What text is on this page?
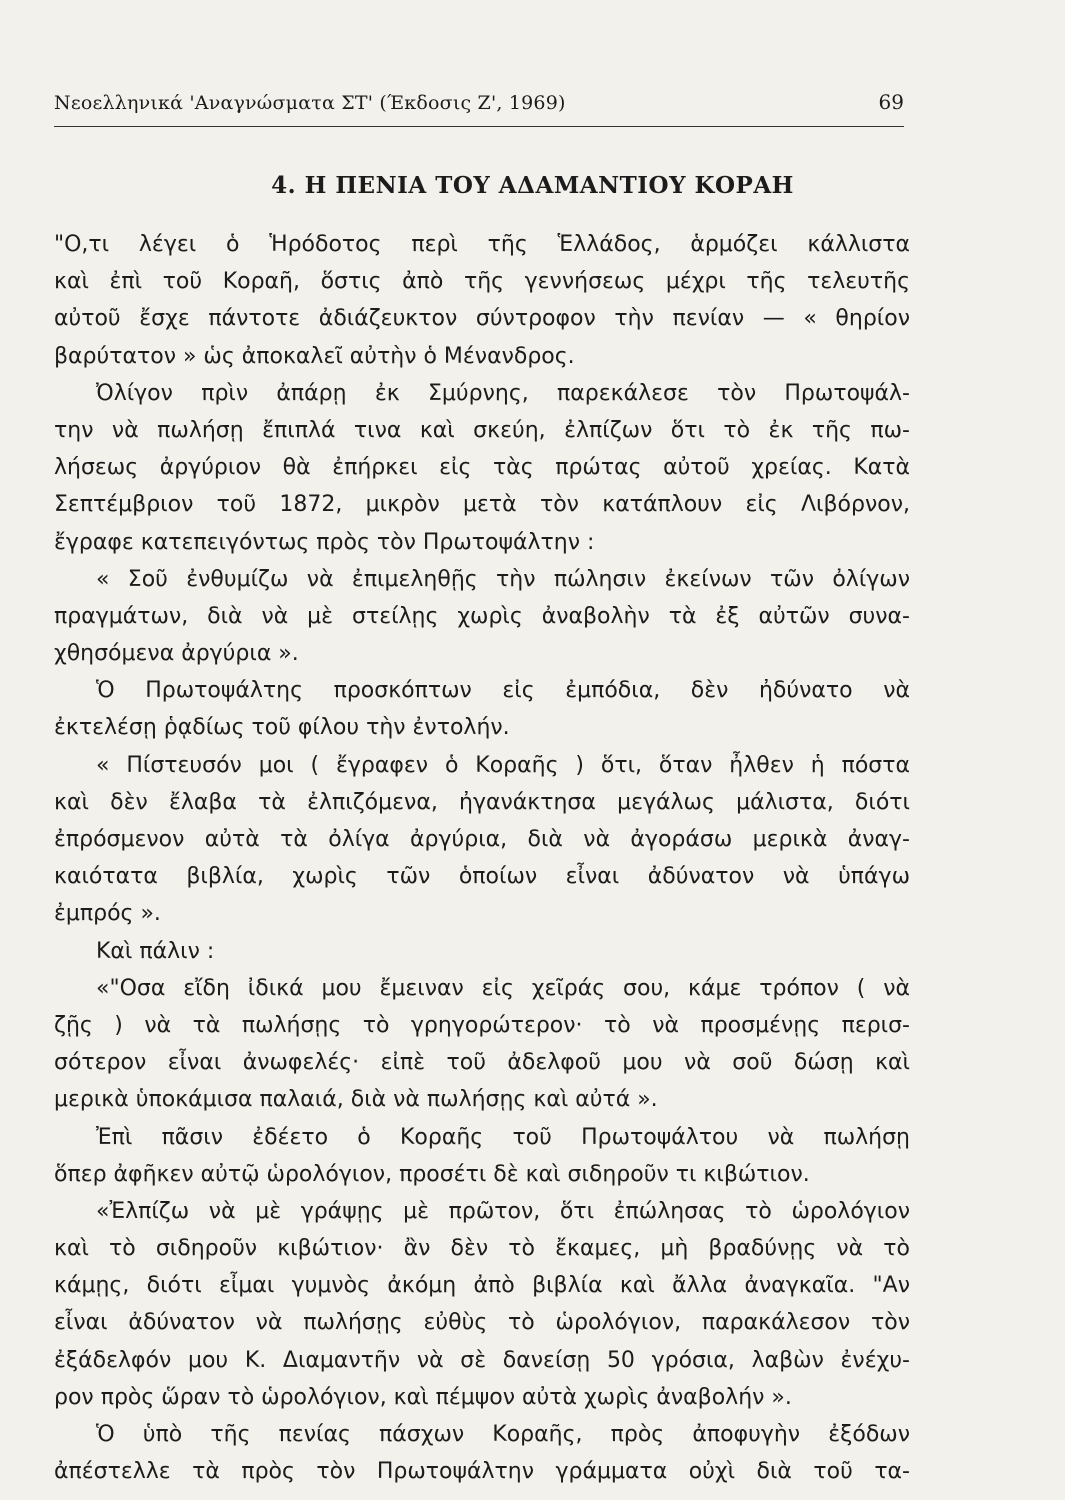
Νεοελληνικά 'Αναγνώσματα ΣΤ' (Έκδοσις Ζ', 1969)	69
4. Η ΠΕΝΙΑ ΤΟΥ ΑΔΑΜΑΝΤΙΟΥ ΚΟΡΑΗ
"Ο,τι λέγει ὁ Ἡρόδοτος περὶ τῆς Ἑλλάδος, ἁρμόζει κάλλιστα
καὶ ἐπὶ τοῦ Κοραῆ, ὅστις ἀπὸ τῆς γεννήσεως μέχρι τῆς τελευτῆς
αὐτοῦ ἔσχε πάντοτε ἀδιάζευκτον σύντροφον τὴν πενίαν — « θηρίον
βαρύτατον » ὡς ἀποκαλεῖ αὐτὴν ὁ Μένανδρος.
Ὀλίγον πρὶν ἀπάρῃ ἐκ Σμύρνης, παρεκάλεσε τὸν Πρωτοψάλ-
την νὰ πωλήσῃ ἔπιπλά τινα καὶ σκεύη, ἐλπίζων ὅτι τὸ ἐκ τῆς πω-
λήσεως ἀργύριον θὰ ἐπήρκει εἰς τὰς πρώτας αὐτοῦ χρείας. Κατὰ
Σεπτέμβριον τοῦ 1872, μικρὸν μετὰ τὸν κατάπλουν εἰς Λιβόρνον,
ἔγραφε κατεπειγόντως πρὸς τὸν Πρωτοψάλτην :
« Σοῦ ἐνθυμίζω νὰ ἐπιμεληθῇς τὴν πώλησιν ἐκείνων τῶν ὀλίγων
πραγμάτων, διὰ νὰ μὲ στείλῃς χωρὶς ἀναβολὴν τὰ ἐξ αὐτῶν συνα-
χθησόμενα ἀργύρια ».
Ὁ Πρωτοψάλτης προσκόπτων εἰς ἐμπόδια, δὲν ἠδύνατο νὰ
ἐκτελέσῃ ῥᾳδίως τοῦ φίλου τὴν ἐντολήν.
« Πίστευσόν μοι ( ἔγραφεν ὁ Κοραῆς ) ὅτι, ὅταν ἦλθεν ἡ πόστα
καὶ δὲν ἔλαβα τὰ ἐλπιζόμενα, ἠγανάκτησα μεγάλως μάλιστα, διότι
ἐπρόσμενον αὐτὰ τὰ ὀλίγα ἀργύρια, διὰ νὰ ἀγοράσω μερικὰ ἀναγ-
καιότατα βιβλία, χωρὶς τῶν ὁποίων εἶναι ἀδύνατον νὰ ὑπάγω
ἐμπρός ».
Καὶ πάλιν :
«"Οσα εἴδη ἰδικά μου ἔμειναν εἰς χεῖράς σου, κάμε τρόπον ( νὰ
ζῇς ) νὰ τὰ πωλήσῃς τὸ γρηγορώτερον· τὸ νὰ προσμένῃς περισ-
σότερον εἶναι ἀνωφελές· εἰπὲ τοῦ ἀδελφοῦ μου νὰ σοῦ δώσῃ καὶ
μερικὰ ὑποκάμισα παλαιά, διὰ νὰ πωλήσῃς καὶ αὐτά ».
Ἐπὶ πᾶσιν ἐδέετο ὁ Κοραῆς τοῦ Πρωτοψάλτου νὰ πωλήσῃ
ὅπερ ἀφῆκεν αὐτῷ ὡρολόγιον, προσέτι δὲ καὶ σιδηροῦν τι κιβώτιον.
«Ἐλπίζω νὰ μὲ γράψῃς μὲ πρῶτον, ὅτι ἐπώλησας τὸ ὡρολόγιον
καὶ τὸ σιδηροῦν κιβώτιον· ἂν δὲν τὸ ἔκαμες, μὴ βραδύνῃς νὰ τὸ
κάμῃς, διότι εἶμαι γυμνὸς ἀκόμη ἀπὸ βιβλία καὶ ἄλλα ἀναγκαῖα. "Αν
εἶναι ἀδύνατον νὰ πωλήσῃς εὐθὺς τὸ ὡρολόγιον, παρακάλεσον τὸν
ἐξάδελφόν μου Κ. Διαμαντῆν νὰ σὲ δανείσῃ 50 γρόσια, λαβὼν ἐνέχυ-
ρον πρὸς ὥραν τὸ ὡρολόγιον, καὶ πέμψον αὐτὰ χωρὶς ἀναβολήν ».
Ὁ ὑπὸ τῆς πενίας πάσχων Κοραῆς, πρὸς ἀποφυγὴν ἐξόδων
ἀπέστελλε τὰ πρὸς τὸν Πρωτοψάλτην γράμματα οὐχὶ διὰ τοῦ τα-
